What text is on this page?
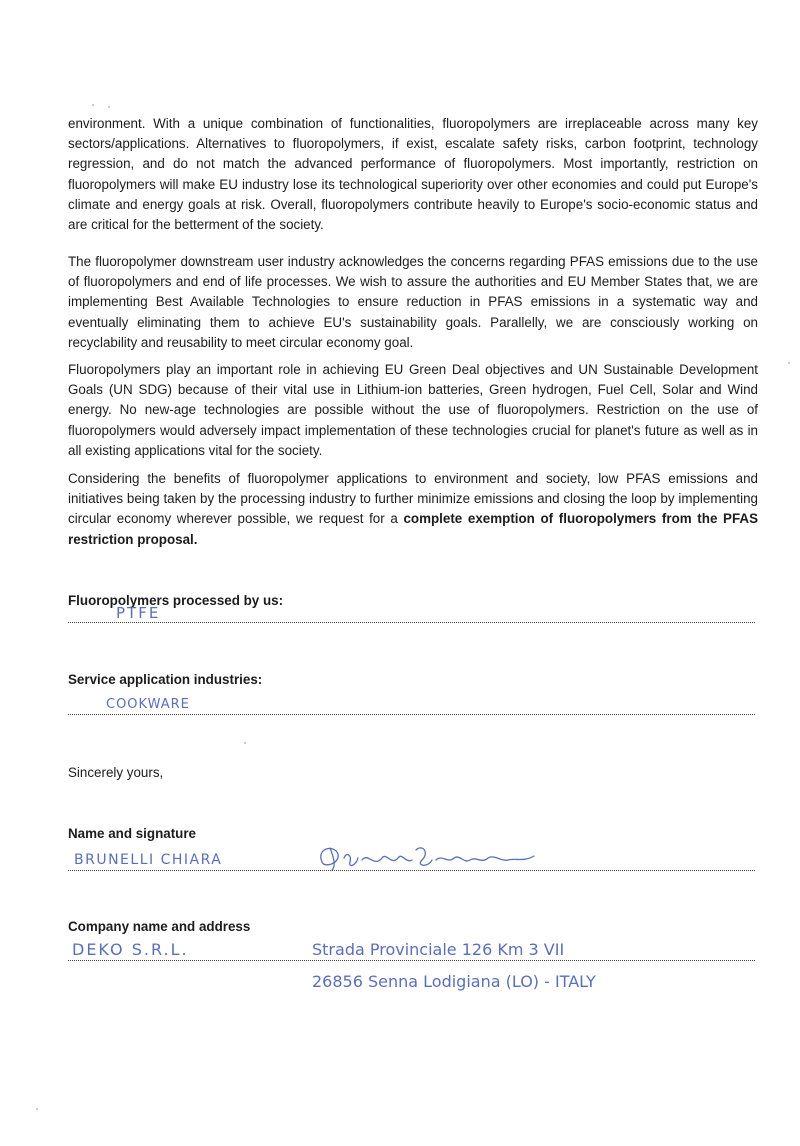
environment. With a unique combination of functionalities, fluoropolymers are irreplaceable across many key sectors/applications. Alternatives to fluoropolymers, if exist, escalate safety risks, carbon footprint, technology regression, and do not match the advanced performance of fluoropolymers. Most importantly, restriction on fluoropolymers will make EU industry lose its technological superiority over other economies and could put Europe's climate and energy goals at risk. Overall, fluoropolymers contribute heavily to Europe's socio-economic status and are critical for the betterment of the society.

The fluoropolymer downstream user industry acknowledges the concerns regarding PFAS emissions due to the use of fluoropolymers and end of life processes. We wish to assure the authorities and EU Member States that, we are implementing Best Available Technologies to ensure reduction in PFAS emissions in a systematic way and eventually eliminating them to achieve EU's sustainability goals. Parallelly, we are consciously working on recyclability and reusability to meet circular economy goal.

Fluoropolymers play an important role in achieving EU Green Deal objectives and UN Sustainable Development Goals (UN SDG) because of their vital use in Lithium-ion batteries, Green hydrogen, Fuel Cell, Solar and Wind energy. No new-age technologies are possible without the use of fluoropolymers. Restriction on the use of fluoropolymers would adversely impact implementation of these technologies crucial for planet's future as well as in all existing applications vital for the society.

Considering the benefits of fluoropolymer applications to environment and society, low PFAS emissions and initiatives being taken by the processing industry to further minimize emissions and closing the loop by implementing circular economy wherever possible, we request for a complete exemption of fluoropolymers from the PFAS restriction proposal.

Fluoropolymers processed by us:

PTFE

Service application industries:

COOKWARE

Sincerely yours,

Name and signature

BRUNELLI CHIARA

Company name and address

DEKO S.R.L.	Strada Provinciale 126 Km 3 VII
26856 Senna Lodigiana (LO) - ITALY
